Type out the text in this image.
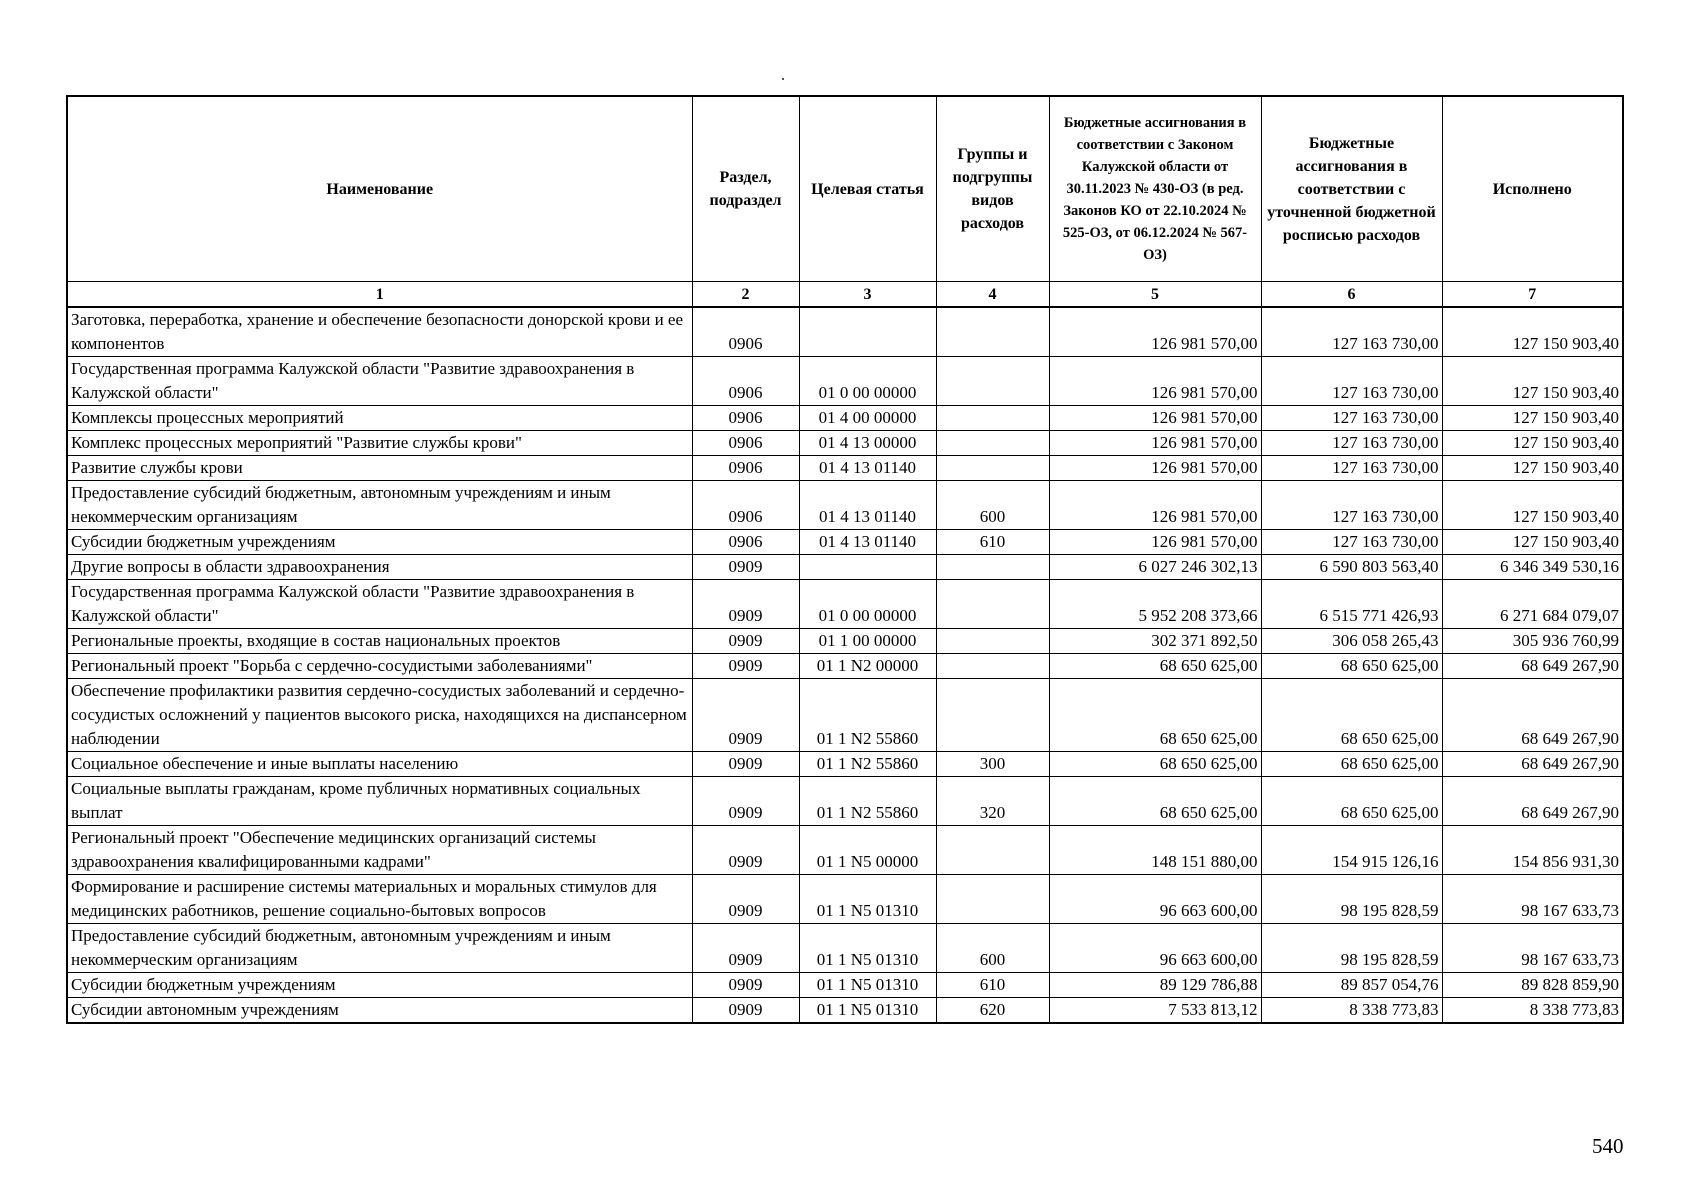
Наименование	Раздел, подраздел	Целевая статья	Группы и подгруппы видов расходов	Бюджетные ассигнования в соответствии с Законом Калужской области от 30.11.2023 № 430-ОЗ (в ред. Законов КО от 22.10.2024 № 525-ОЗ, от 06.12.2024 № 567-ОЗ)	Бюджетные ассигнования в соответствии с уточненной бюджетной росписью расходов	Исполнено
1	2	3	4	5	6	7
Заготовка, переработка, хранение и обеспечение безопасности донорской крови и ее компонентов	0906			126 981 570,00	127 163 730,00	127 150 903,40
Государственная программа Калужской области "Развитие здравоохранения в Калужской области"	0906	01 0 00 00000		126 981 570,00	127 163 730,00	127 150 903,40
Комплексы процессных мероприятий	0906	01 4 00 00000		126 981 570,00	127 163 730,00	127 150 903,40
Комплекс процессных мероприятий "Развитие службы крови"	0906	01 4 13 00000		126 981 570,00	127 163 730,00	127 150 903,40
Развитие службы крови	0906	01 4 13 01140		126 981 570,00	127 163 730,00	127 150 903,40
Предоставление субсидий бюджетным, автономным учреждениям и иным некоммерческим организациям	0906	01 4 13 01140	600	126 981 570,00	127 163 730,00	127 150 903,40
Субсидии бюджетным учреждениям	0906	01 4 13 01140	610	126 981 570,00	127 163 730,00	127 150 903,40
Другие вопросы в области здравоохранения	0909			6 027 246 302,13	6 590 803 563,40	6 346 349 530,16
Государственная программа Калужской области "Развитие здравоохранения в Калужской области"	0909	01 0 00 00000		5 952 208 373,66	6 515 771 426,93	6 271 684 079,07
Региональные проекты, входящие в состав национальных проектов	0909	01 1 00 00000		302 371 892,50	306 058 265,43	305 936 760,99
Региональный проект "Борьба с сердечно-сосудистыми заболеваниями"	0909	01 1 N2 00000		68 650 625,00	68 650 625,00	68 649 267,90
Обеспечение профилактики развития сердечно-сосудистых заболеваний и сердечно-сосудистых осложнений у пациентов высокого риска, находящихся на диспансерном наблюдении	0909	01 1 N2 55860		68 650 625,00	68 650 625,00	68 649 267,90
Социальное обеспечение и иные выплаты населению	0909	01 1 N2 55860	300	68 650 625,00	68 650 625,00	68 649 267,90
Социальные выплаты гражданам, кроме публичных нормативных социальных выплат	0909	01 1 N2 55860	320	68 650 625,00	68 650 625,00	68 649 267,90
Региональный проект "Обеспечение медицинских организаций системы здравоохранения квалифицированными кадрами"	0909	01 1 N5 00000		148 151 880,00	154 915 126,16	154 856 931,30
Формирование и расширение системы материальных и моральных стимулов для медицинских работников, решение социально-бытовых вопросов	0909	01 1 N5 01310		96 663 600,00	98 195 828,59	98 167 633,73
Предоставление субсидий бюджетным, автономным учреждениям и иным некоммерческим организациям	0909	01 1 N5 01310	600	96 663 600,00	98 195 828,59	98 167 633,73
Субсидии бюджетным учреждениям	0909	01 1 N5 01310	610	89 129 786,88	89 857 054,76	89 828 859,90
Субсидии автономным учреждениям	0909	01 1 N5 01310	620	7 533 813,12	8 338 773,83	8 338 773,83
540
